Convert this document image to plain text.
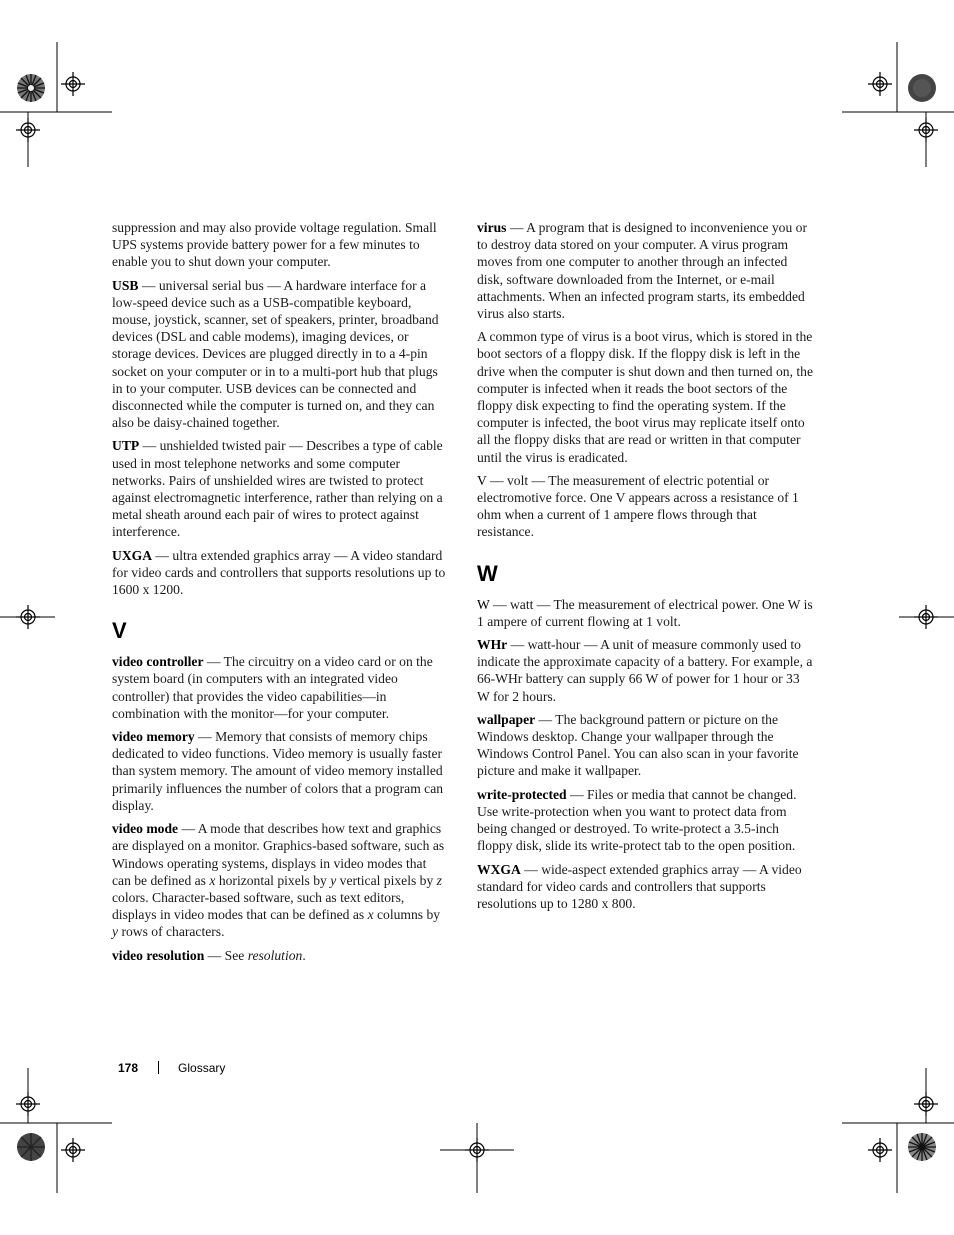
suppression and may also provide voltage regulation. Small UPS systems provide battery power for a few minutes to enable you to shut down your computer.

USB — universal serial bus — A hardware interface for a low-speed device such as a USB-compatible keyboard, mouse, joystick, scanner, set of speakers, printer, broadband devices (DSL and cable modems), imaging devices, or storage devices. Devices are plugged directly in to a 4-pin socket on your computer or in to a multi-port hub that plugs in to your computer. USB devices can be connected and disconnected while the computer is turned on, and they can also be daisy-chained together.

UTP — unshielded twisted pair — Describes a type of cable used in most telephone networks and some computer networks. Pairs of unshielded wires are twisted to protect against electromagnetic interference, rather than relying on a metal sheath around each pair of wires to protect against interference.

UXGA — ultra extended graphics array — A video standard for video cards and controllers that supports resolutions up to 1600 x 1200.

V

video controller — The circuitry on a video card or on the system board (in computers with an integrated video controller) that provides the video capabilities—in combination with the monitor—for your computer.

video memory — Memory that consists of memory chips dedicated to video functions. Video memory is usually faster than system memory. The amount of video memory installed primarily influences the number of colors that a program can display.

video mode — A mode that describes how text and graphics are displayed on a monitor. Graphics-based software, such as Windows operating systems, displays in video modes that can be defined as x horizontal pixels by y vertical pixels by z colors. Character-based software, such as text editors, displays in video modes that can be defined as x columns by y rows of characters.

video resolution — See resolution.

virus — A program that is designed to inconvenience you or to destroy data stored on your computer. A virus program moves from one computer to another through an infected disk, software downloaded from the Internet, or e-mail attachments. When an infected program starts, its embedded virus also starts.

A common type of virus is a boot virus, which is stored in the boot sectors of a floppy disk. If the floppy disk is left in the drive when the computer is shut down and then turned on, the computer is infected when it reads the boot sectors of the floppy disk expecting to find the operating system. If the computer is infected, the boot virus may replicate itself onto all the floppy disks that are read or written in that computer until the virus is eradicated.

V — volt — The measurement of electric potential or electromotive force. One V appears across a resistance of 1 ohm when a current of 1 ampere flows through that resistance.

W

W — watt — The measurement of electrical power. One W is 1 ampere of current flowing at 1 volt.

WHr — watt-hour — A unit of measure commonly used to indicate the approximate capacity of a battery. For example, a 66-WHr battery can supply 66 W of power for 1 hour or 33 W for 2 hours.

wallpaper — The background pattern or picture on the Windows desktop. Change your wallpaper through the Windows Control Panel. You can also scan in your favorite picture and make it wallpaper.

write-protected — Files or media that cannot be changed. Use write-protection when you want to protect data from being changed or destroyed. To write-protect a 3.5-inch floppy disk, slide its write-protect tab to the open position.

WXGA — wide-aspect extended graphics array — A video standard for video cards and controllers that supports resolutions up to 1280 x 800.

178	Glossary
